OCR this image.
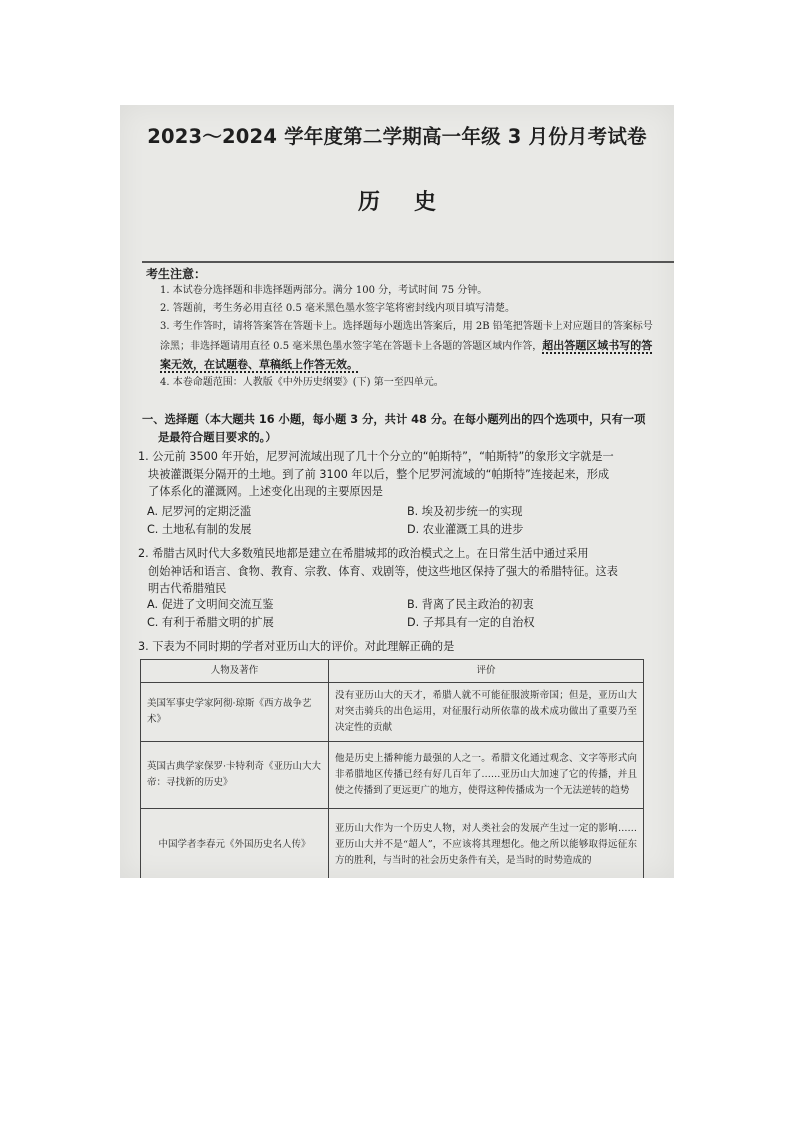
2023～2024 学年度第二学期高一年级 3 月份月考试卷
历史
考生注意：
1. 本试卷分选择题和非选择题两部分。满分 100 分，考试时间 75 分钟。
2. 答题前，考生务必用直径 0.5 毫米黑色墨水签字笔将密封线内项目填写清楚。
3. 考生作答时，请将答案答在答题卡上。选择题每小题选出答案后，用 2B 铅笔把答题卡上对应题目的答案标号涂黑；非选择题请用直径 0.5 毫米黑色墨水签字笔在答题卡上各题的答题区域内作答，超出答题区域书写的答案无效，在试题卷、草稿纸上作答无效。
4. 本卷命题范围：人教版《中外历史纲要》(下) 第一至四单元。
一、选择题（本大题共 16 小题，每小题 3 分，共计 48 分。在每小题列出的四个选项中，只有一项
是最符合题目要求的。）
1. 公元前 3500 年开始，尼罗河流域出现了几十个分立的“帕斯特”，“帕斯特”的象形文字就是一
块被灌溉渠分隔开的土地。到了前 3100 年以后，整个尼罗河流域的“帕斯特”连接起来，形成
了体系化的灌溉网。上述变化出现的主要原因是
A. 尼罗河的定期泛滥	B. 埃及初步统一的实现
C. 土地私有制的发展	D. 农业灌溉工具的进步
2. 希腊古风时代大多数殖民地都是建立在希腊城邦的政治模式之上。在日常生活中通过采用
创始神话和语言、食物、教育、宗教、体育、戏剧等，使这些地区保持了强大的希腊特征。这表
明古代希腊殖民
A. 促进了文明间交流互鉴	B. 背离了民主政治的初衷
C. 有利于希腊文明的扩展	D. 子邦具有一定的自治权
3. 下表为不同时期的学者对亚历山大的评价。对此理解正确的是
人物及著作	评价
美国军事史学家阿彻·琼斯《西方战争艺术》	没有亚历山大的天才，希腊人就不可能征服波斯帝国；但是，亚历山大对突击骑兵的出色运用，对征服行动所依靠的战术成功做出了重要乃至决定性的贡献
英国古典学家保罗·卡特利奇《亚历山大大帝：寻找新的历史》	他是历史上播种能力最强的人之一。希腊文化通过观念、文字等形式向非希腊地区传播已经有好几百年了……亚历山大加速了它的传播，并且使之传播到了更远更广的地方，使得这种传播成为一个无法逆转的趋势
中国学者李春元《外国历史名人传》	亚历山大作为一个历史人物，对人类社会的发展产生过一定的影响……亚历山大并不是“超人”，不应该将其理想化。他之所以能够取得远征东方的胜利，与当时的社会历史条件有关，是当时的时势造成的
